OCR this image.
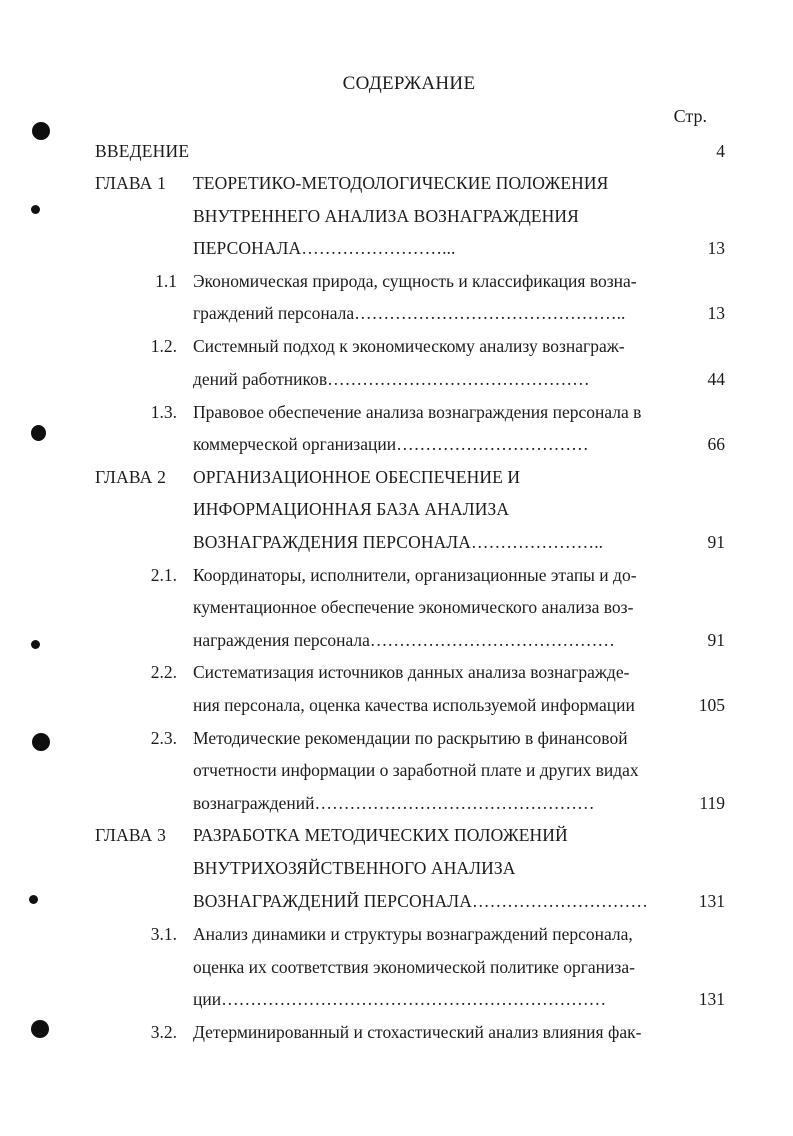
СОДЕРЖАНИЕ
Стр.
ВВЕДЕНИЕ	4
ГЛАВА 1 ТЕОРЕТИКО-МЕТОДОЛОГИЧЕСКИЕ ПОЛОЖЕНИЯ
ВНУТРЕННЕГО АНАЛИЗА ВОЗНАГРАЖДЕНИЯ
ПЕРСОНАЛА……………………...	13
1.1 Экономическая природа, сущность и классификация возна-
граждений персонала………………………………………..	13
1.2. Системный подход к экономическому анализу вознаграж-
дений работников………………………………………	44
1.3. Правовое обеспечение анализа вознаграждения персонала в
коммерческой организации……………………………	66
ГЛАВА 2 ОРГАНИЗАЦИОННОЕ ОБЕСПЕЧЕНИЕ И
ИНФОРМАЦИОННАЯ БАЗА АНАЛИЗА
ВОЗНАГРАЖДЕНИЯ ПЕРСОНАЛА…………………..	91
2.1. Координаторы, исполнители, организационные этапы и до-
кументационное обеспечение экономического анализа воз-
награждения персонала……………………………………	91
2.2. Систематизация источников данных анализа вознагражде-
ния персонала, оценка качества используемой информации	105
2.3. Методические рекомендации по раскрытию в финансовой
отчетности информации о заработной плате и других видах
вознаграждений…………………………………………	119
ГЛАВА 3 РАЗРАБОТКА МЕТОДИЧЕСКИХ ПОЛОЖЕНИЙ
ВНУТРИХОЗЯЙСТВЕННОГО АНАЛИЗА
ВОЗНАГРАЖДЕНИЙ ПЕРСОНАЛА…………………………	131
3.1. Анализ динамики и структуры вознаграждений персонала,
оценка их соответствия экономической политике организа-
ции…………………………………………………………	131
3.2. Детерминированный и стохастический анализ влияния фак-
